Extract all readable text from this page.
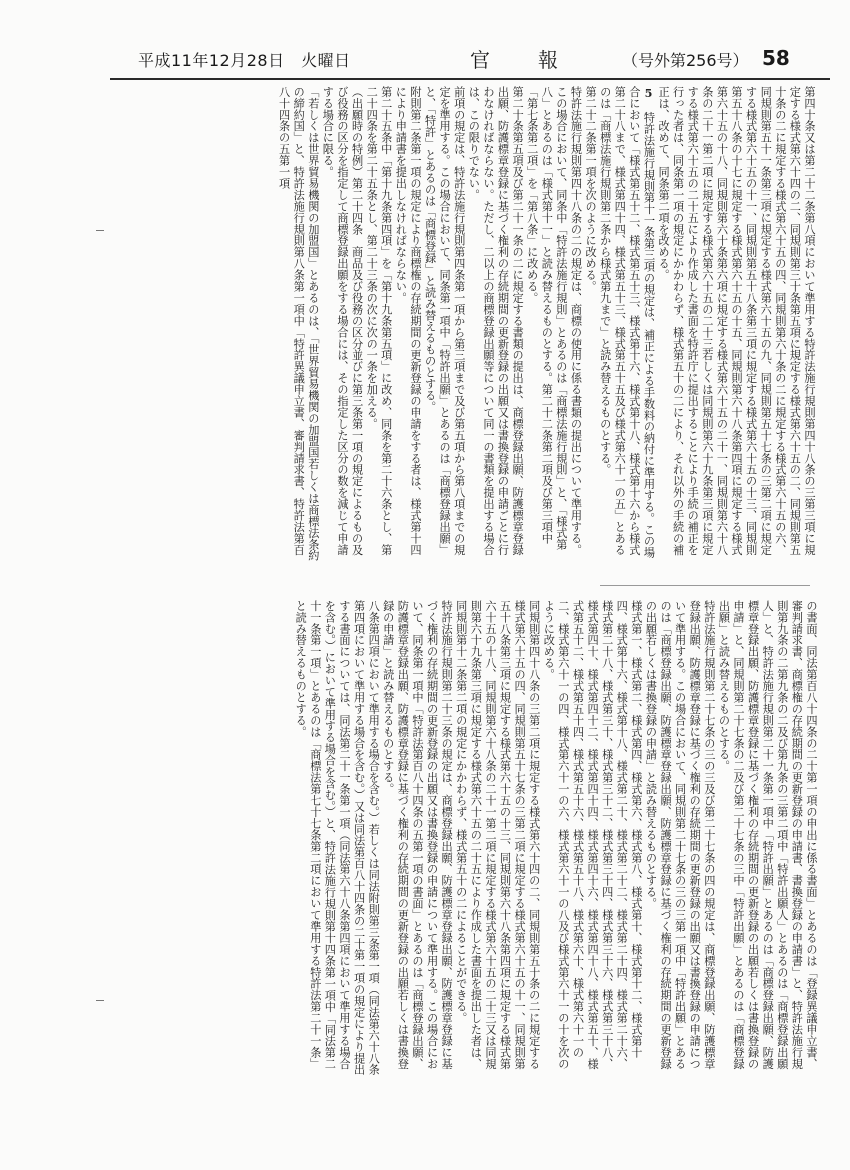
平成11年12月28日　火曜日	官　報	（号外第256号） 58

第四十条又は第二十二条第八項において準用する特許法施行規則第四十八条の三第三項に規定する様式第六十四の二、同規則第三十条第五項に規定する様式第六十五の二、同規則第五十条の二に規定する様式第六十五の四、同規則第六十条の二に規定する様式第六十五の六、同規則第五十一条第三項に規定する様式第六十五の九、同規則第五十七条の三第二項に規定する様式第六十五の十一、同規則第五十八条第三項に規定する様式第六十五の十三、同規則第五十八条の十七に規定する様式第六十五の十五、同規則第六十八条第四項に規定する様式第六十五の十八、同規則第六十条第六項に規定する様式第六十五の二十一、同規則第六十八条の二十一第二項に規定する様式第六十五の二十三若しくは同規則第六十九条第三項に規定する様式第六十五の二十五により作成した書面を特許庁に提出することにより手続の補正を行った者は、同条第一項の規定にかかわらず、様式第五十の二により、それ以外の手続の補正は、改めて、同条第二項を改める。

5　特許法施行規則第十一条第三項の規定は、補正による手数料の納付に準用する。この場合において「様式第五十二、様式第五十三、様式第十六、様式第十八、様式第十六から様式第二十八まで、様式第四十四、様式第五十三、様式第五十五及び様式第六十一の五」とあるのは「商標法施行規則第二条から様式第九まで」と読み替えるものとする。

第二十二条第一項を次のように改める。

特許法施行規則第四十八条の二の規定は、商標の使用に係る書類の提出について準用する。この場合において、同条中「特許法施行規則」とあるのは「商標法施行規則」と、「様式第八」とあるのは「様式第十一」と読み替えるものとする。第二十二条第二項及び第三項中「第七条第二項」を「第八条」に改める。

第二十条第五項及び第二十一条の二に規定する書類の提出は、商標登録出願、防護標章登録出願、防護標章登録に基づく権利の存続期間の更新登録の出願又は書換登録の申請ごとに行わなければならない。ただし、二以上の商標登録出願等について同一の書類を提出する場合は、この限りでない。

前項の規定は、特許法施行規則第四条第一項から第三項まで及び第五項から第八項までの規定を準用する。この場合において、同条第一項中「特許出願」とあるのは「商標登録出願」と、「特許」とあるのは「商標登録」と読み替えるものとする。

附則第二条第一項の規定により商標権の存続期間の更新登録の申請をする者は、様式第十四により申請書を提出しなければならない。

第二十五条中「第十九条第四項」を「第十九条第五項」に改め、同条を第二十六条とし、第二十四条を第二十五条とし、第二十三条の次に次の一条を加える。

（出願時の特例）第二十四条　商品及び役務の区分並びに第三条第一項の規定によるもの及び役務の区分を指定して商標登録出願をする場合には、その指定した区分の数を減じて申請する場合に限る。

「若しくは世界貿易機関の加盟国」とあるのは、「世界貿易機関の加盟国若しくは商標法条約の締約国」と、特許法施行規則第八条第一項中「特許異議申立書、審判請求書、特許法第百八十四条の五第一項

の書面、同法第百八十四条の二十第一項の申出に係る書面」とあるのは「登録異議申立書、審判請求書、商標権の存続期間の更新登録の申請書、書換登録の申請書」と、特許法施行規則第九条の二第九条の二及び第九条の三第二項中「特許出願人」とあるのは「商標登録出願人」と、特許法施行規則第二十一条第一項中「特許出願」とあるのは「商標登録出願、防護標章登録出願、防護標章登録に基づく権利の存続期間の更新登録の出願若しくは書換登録の申請」と、同規則第二十七条の二及び第二十七条の三中「特許出願」とあるのは「商標登録出願」と読み替えるものとする。

特許法施行規則第二十七条の三の三及び第二十七条の四の規定は、商標登録出願、防護標章登録出願、防護標章登録に基づく権利の存続期間の更新登録の出願又は書換登録の申請について準用する。この場合において、同規則第二十七条の三の三第一項中「特許出願」とあるのは「商標登録出願、防護標章登録出願、防護標章登録に基づく権利の存続期間の更新登録の出願若しくは書換登録の申請」と読み替えるものとする。

様式第一、様式第二、様式第四、様式第六、様式第八、様式第十、様式第十二、様式第十四、様式第十六、様式第十八、様式第二十、様式第二十二、様式第二十四、様式第二十六、様式第二十八、様式第三十、様式第三十二、様式第三十四、様式第三十六、様式第三十八、様式第四十、様式第四十二、様式第四十四、様式第四十六、様式第四十八、様式第五十、様式第五十二、様式第五十四、様式第五十六、様式第五十八、様式第六十、様式第六十一の二、様式第六十一の四、様式第六十一の六、様式第六十一の八及び様式第六十一の十を次のように改める。

同規則第四十八条の三第二項に規定する様式第六十四の二、同規則第五十条の二に規定する様式第六十五の四、同規則第五十七条の三第二項に規定する様式第六十五の十一、同規則第五十八条第三項に規定する様式第六十五の十三、同規則第六十八条第四項に規定する様式第六十五の十八、同規則第六十八条の二十一第二項に規定する様式第六十五の二十三又は同規則第六十九条第三項に規定する様式第六十五の二十五により作成した書面を提出した者は、同規則第十二条第二項の規定にかかわらず、様式第五十の二によることができる。

特許法施行規則第二十三条の規定は、商標登録出願、防護標章登録出願、防護標章登録に基づく権利の存続期間の更新登録の出願又は書換登録の申請について準用する。この場合において、同条第一項中「特許法第百八十四条の五第一項の書面」とあるのは「商標登録出願、防護標章登録出願、防護標章登録に基づく権利の存続期間の更新登録の出願若しくは書換登録の申請」と読み替えるものとする。

八条第四項において準用する場合を含む。）若しくは同法附則第三条第一項（同法第六十八条第四項において準用する場合を含む。）又は同法第百八十四条の二十第一項の規定により提出する書面については、同法第二十一条第一項（同法第六十八条第四項において準用する場合を含む。）において準用する場合を含む。）と、特許法施行規則第十四条第一項中「同法第二十一条第一項」とあるのは「商標法第七十七条第二項において準用する特許法第二十一条」と読み替えるものとする。
